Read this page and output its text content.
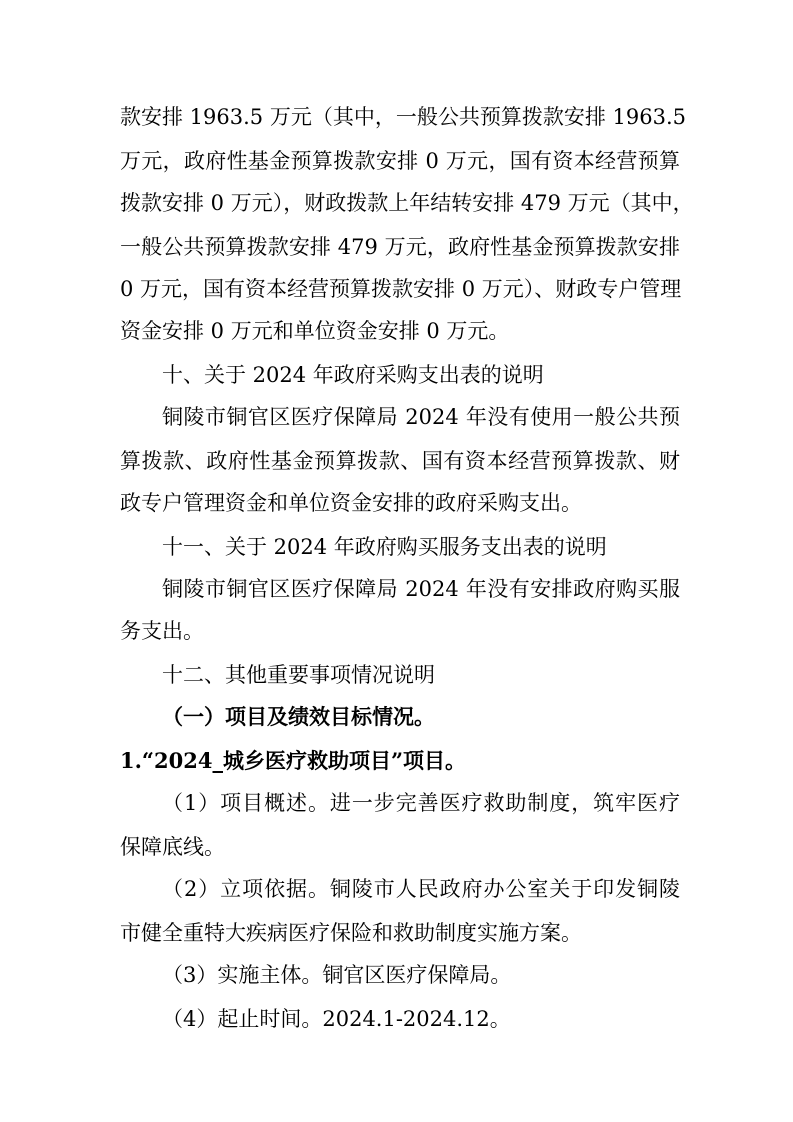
款安排 1963.5 万元（其中，一般公共预算拨款安排 1963.5
万元，政府性基金预算拨款安排 0 万元，国有资本经营预算
拨款安排 0 万元），财政拨款上年结转安排 479 万元（其中，
一般公共预算拨款安排 479 万元，政府性基金预算拨款安排
0 万元，国有资本经营预算拨款安排 0 万元）、财政专户管理
资金安排 0 万元和单位资金安排 0 万元。
十、关于 2024 年政府采购支出表的说明
铜陵市铜官区医疗保障局 2024 年没有使用一般公共预
算拨款、政府性基金预算拨款、国有资本经营预算拨款、财
政专户管理资金和单位资金安排的政府采购支出。
十一、关于 2024 年政府购买服务支出表的说明
铜陵市铜官区医疗保障局 2024 年没有安排政府购买服
务支出。
十二、其他重要事项情况说明
（一）项目及绩效目标情况。
1.“2024_城乡医疗救助项目”项目。
（1）项目概述。进一步完善医疗救助制度，筑牢医疗
保障底线。
（2）立项依据。铜陵市人民政府办公室关于印发铜陵
市健全重特大疾病医疗保险和救助制度实施方案。
（3）实施主体。铜官区医疗保障局。
（4）起止时间。2024.1-2024.12。
